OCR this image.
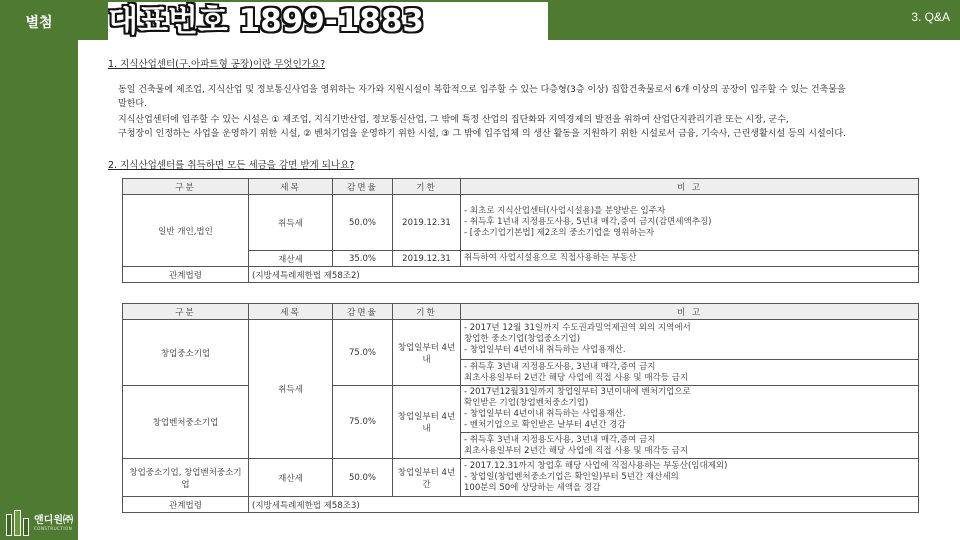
별첨	대표번호 1899-1883	3. Q&A
앤디원㈜
CONSTRUCTION
1. 지식산업센터(구.아파트형 공장)이란 무엇인가요?
동일 건축물에 제조업, 지식산업 및 정보통신사업을 영위하는 자가와 지원시설이 복합적으로 입주할 수 있는 다층형(3층 이상) 집합건축물로서 6개 이상의 공장이 입주할 수 있는 건축물을
말한다.
지식산업센터에 입주할 수 있는 시설은 ① 제조업, 지식기반산업, 정보통신산업, 그 밖에 특정 산업의 집단화와 지역경제의 발전을 위하여 산업단지관리기관 또는 시장, 군수,
구청장이 인정하는 사업을 운영하기 위한 시설, ② 벤처기업을 운영하기 위한 시설, ③ 그 밖에 입주업체 의 생산 활동을 지원하기 위한 시설로서 금융, 기숙사, 근린생활시설 등의 시설이다.
2. 지식산업센터를 취득하면 모든 세금을 감면 받게 되나요?
구분	세목	감면율	기한	비 고
일반 개인,법인	취득세	50.0%	2019.12.31	- 최초로 지식산업센터(사업시설용)를 분양받은 입주자
- 취득후 1년내 지정용도사용, 5년내 매각,증여 금지(감면세액추징)
- [중소기업기본법] 제2조의 중소기업을 영위하는자

	재산세	35.0%	2019.12.31	취득하여 사업시설용으로 직접사용하는 부동산
관계법령	(지방세특례제한법 제58조2)			
구분	세목	감면율	기한	비 고
창업중소기업	취득세	75.0%	창업일부터 4년내	- 2017년 12월 31일까지 수도권과밀억제권역 외의 지역에서
창업한 중소기업(창업중소기업)
- 창업일부터 4년이내 취득하는 사업용재산.

				- 취득후 3년내 지정용도사용, 3년내 매각,증여 금지
최초사용일부터 2년간 해당 사업에 직접 사용 및 매각등 금지

창업벤처중소기업		75.0%	창업일부터 4년내	- 2017년12월31일까지 창업일부터 3년이내에 벤처기업으로
확인받은 기업(창업벤처중소기업)
- 창업일부터 4년이내 취득하는 사업용재산.
- 벤처기업으로 확인받은 날부터 4년간 경감

				- 취득후 3년내 지정용도사용, 3년내 매각,증여 금지
최초사용일부터 2년간 해당 사업에 직접 사용 및 매각등 금지

창업중소기업, 창업벤처중소기업	재산세	50.0%	창업일부터 4년간	- 2017.12.31까지 창업후 해당 사업에 직접사용하는 부동산(임대제외)
- 창업일(창업벤처중소기업은 확인일)부터 5년간 재산세의
100분의 50에 상당하는 세액을 경감

관계법령	(지방세특례제한법 제58조3)			
